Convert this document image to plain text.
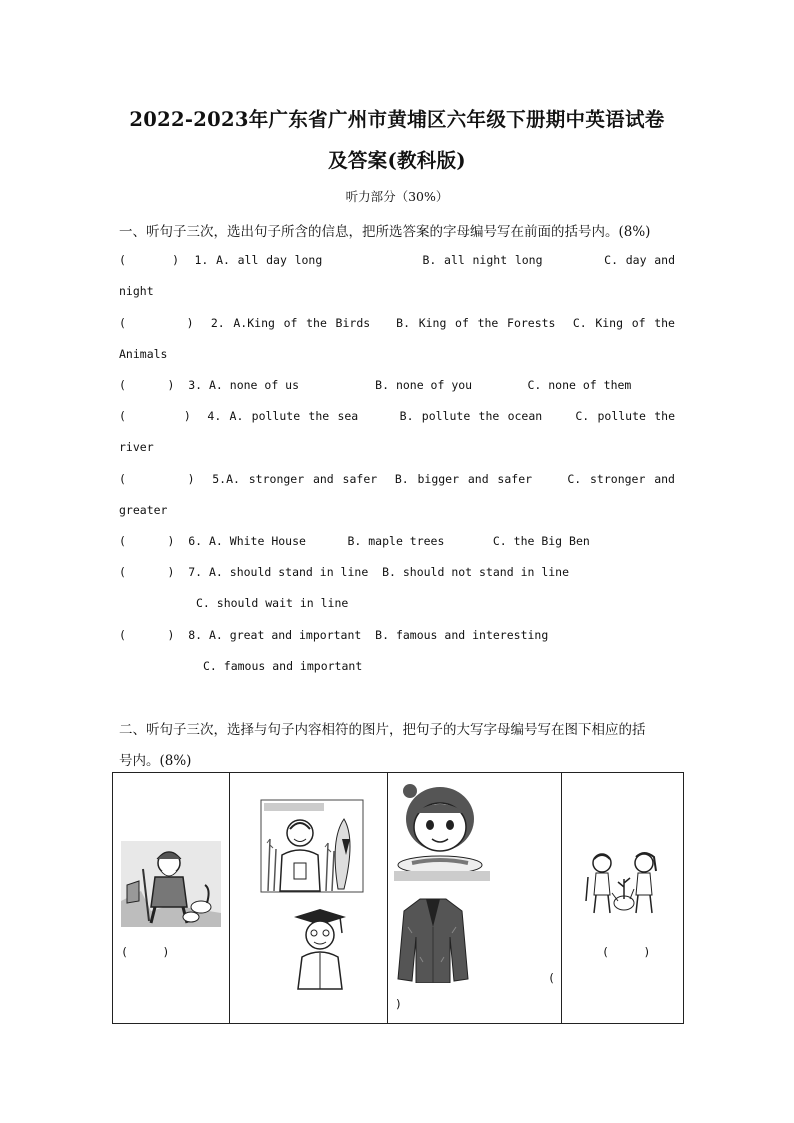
2022-2023年广东省广州市黄埔区六年级下册期中英语试卷
及答案(教科版)
听力部分（30%）
一、听句子三次，选出句子所含的信息，把所选答案的字母编号写在前面的括号内。(8%)
(      )  1. A. all day long             B. all night long        C. day and
night
(       )  2. A.King of the Birds   B. King of the Forests  C. King of the
Animals
(      )  3. A. none of us           B. none of you        C. none of them
(       )  4. A. pollute the sea     B. pollute the ocean    C. pollute the
river
(       )  5.A. stronger and safer  B. bigger and safer    C. stronger and
greater
(      )  6. A. White House      B. maple trees       C. the Big Ben
(      )  7. A. should stand in line  B. should not stand in line
C. should wait in line
(      )  8. A. great and important  B. famous and interesting
C. famous and important
二、听句子三次，选择与句子内容相符的图片，把句子的大写字母编号写在图下相应的括
号内。(8%)
(     )

(
)

(     )
